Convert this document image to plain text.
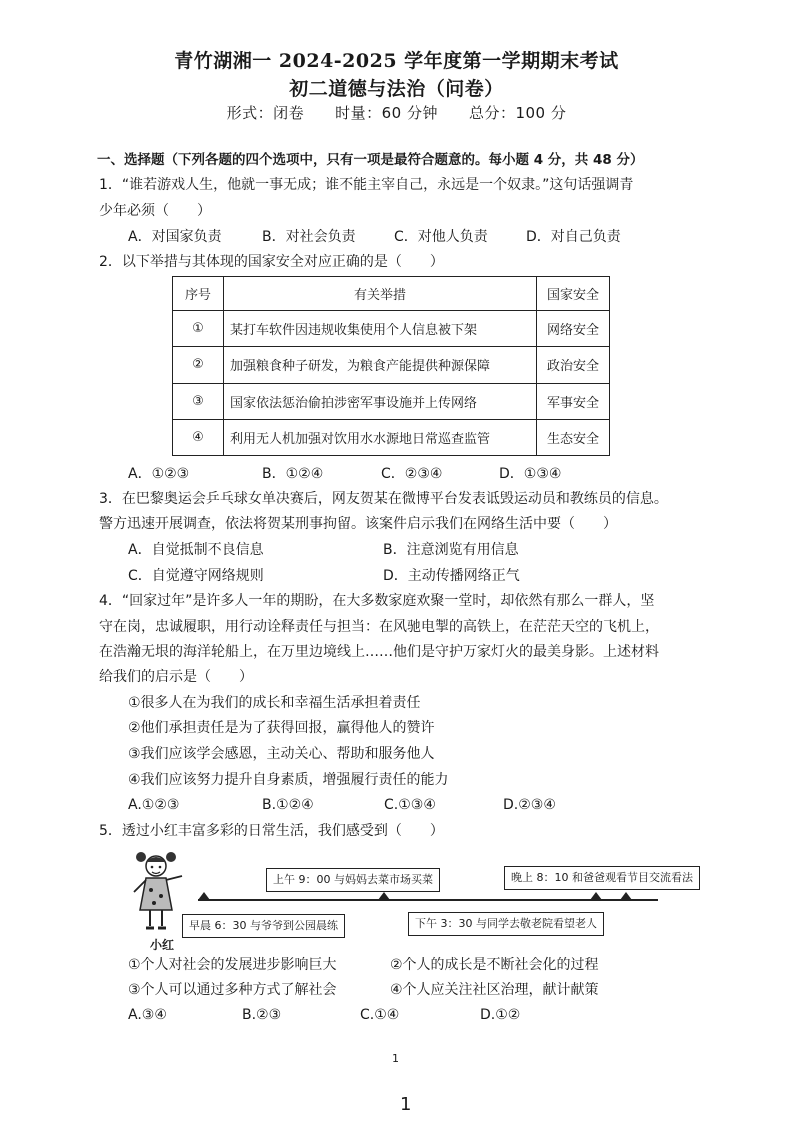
青竹湖湘一 2024-2025 学年度第一学期期末考试
初二道德与法治（问卷）
形式：闭卷　　时量：60 分钟　　总分：100 分
一、选择题（下列各题的四个选项中，只有一项是最符合题意的。每小题 4 分，共 48 分）
1．“谁若游戏人生，他就一事无成；谁不能主宰自己，永远是一个奴隶。”这句话强调青
少年必须（　　）
A．对国家负责	B．对社会负责	C．对他人负责	D．对自己负责
2．以下举措与其体现的国家安全对应正确的是（　　）
序号	有关举措	国家安全
①	某打车软件因违规收集使用个人信息被下架	网络安全
②	加强粮食种子研发，为粮食产能提供种源保障	政治安全
③	国家依法惩治偷拍涉密军事设施并上传网络	军事安全
④	利用无人机加强对饮用水水源地日常巡查监管	生态安全
A．①②③	B．①②④	C．②③④	D．①③④
3．在巴黎奥运会乒乓球女单决赛后，网友贺某在微博平台发表诋毁运动员和教练员的信息。
警方迅速开展调查，依法将贺某刑事拘留。该案件启示我们在网络生活中要（　　）
A．自觉抵制不良信息	B．注意浏览有用信息
C．自觉遵守网络规则	D．主动传播网络正气
4．“回家过年”是许多人一年的期盼，在大多数家庭欢聚一堂时，却依然有那么一群人，坚
守在岗，忠诚履职，用行动诠释责任与担当：在风驰电掣的高铁上，在茫茫天空的飞机上，
在浩瀚无垠的海洋轮船上，在万里边境线上……他们是守护万家灯火的最美身影。上述材料
给我们的启示是（　　）
①很多人在为我们的成长和幸福生活承担着责任
②他们承担责任是为了获得回报，赢得他人的赞许
③我们应该学会感恩，主动关心、帮助和服务他人
④我们应该努力提升自身素质，增强履行责任的能力
A.①②③	B.①②④	C.①③④	D.②③④
5．透过小红丰富多彩的日常生活，我们感受到（　　）
小红
上午 9：00 与妈妈去菜市场买菜	晚上 8：10 和爸爸观看节目交流看法
早晨 6：30 与爷爷到公园晨练	下午 3：30 与同学去敬老院看望老人
①个人对社会的发展进步影响巨大	②个人的成长是不断社会化的过程
③个人可以通过多种方式了解社会	④个人应关注社区治理，献计献策
A.③④	B.②③	C.①④	D.①②
1
1
